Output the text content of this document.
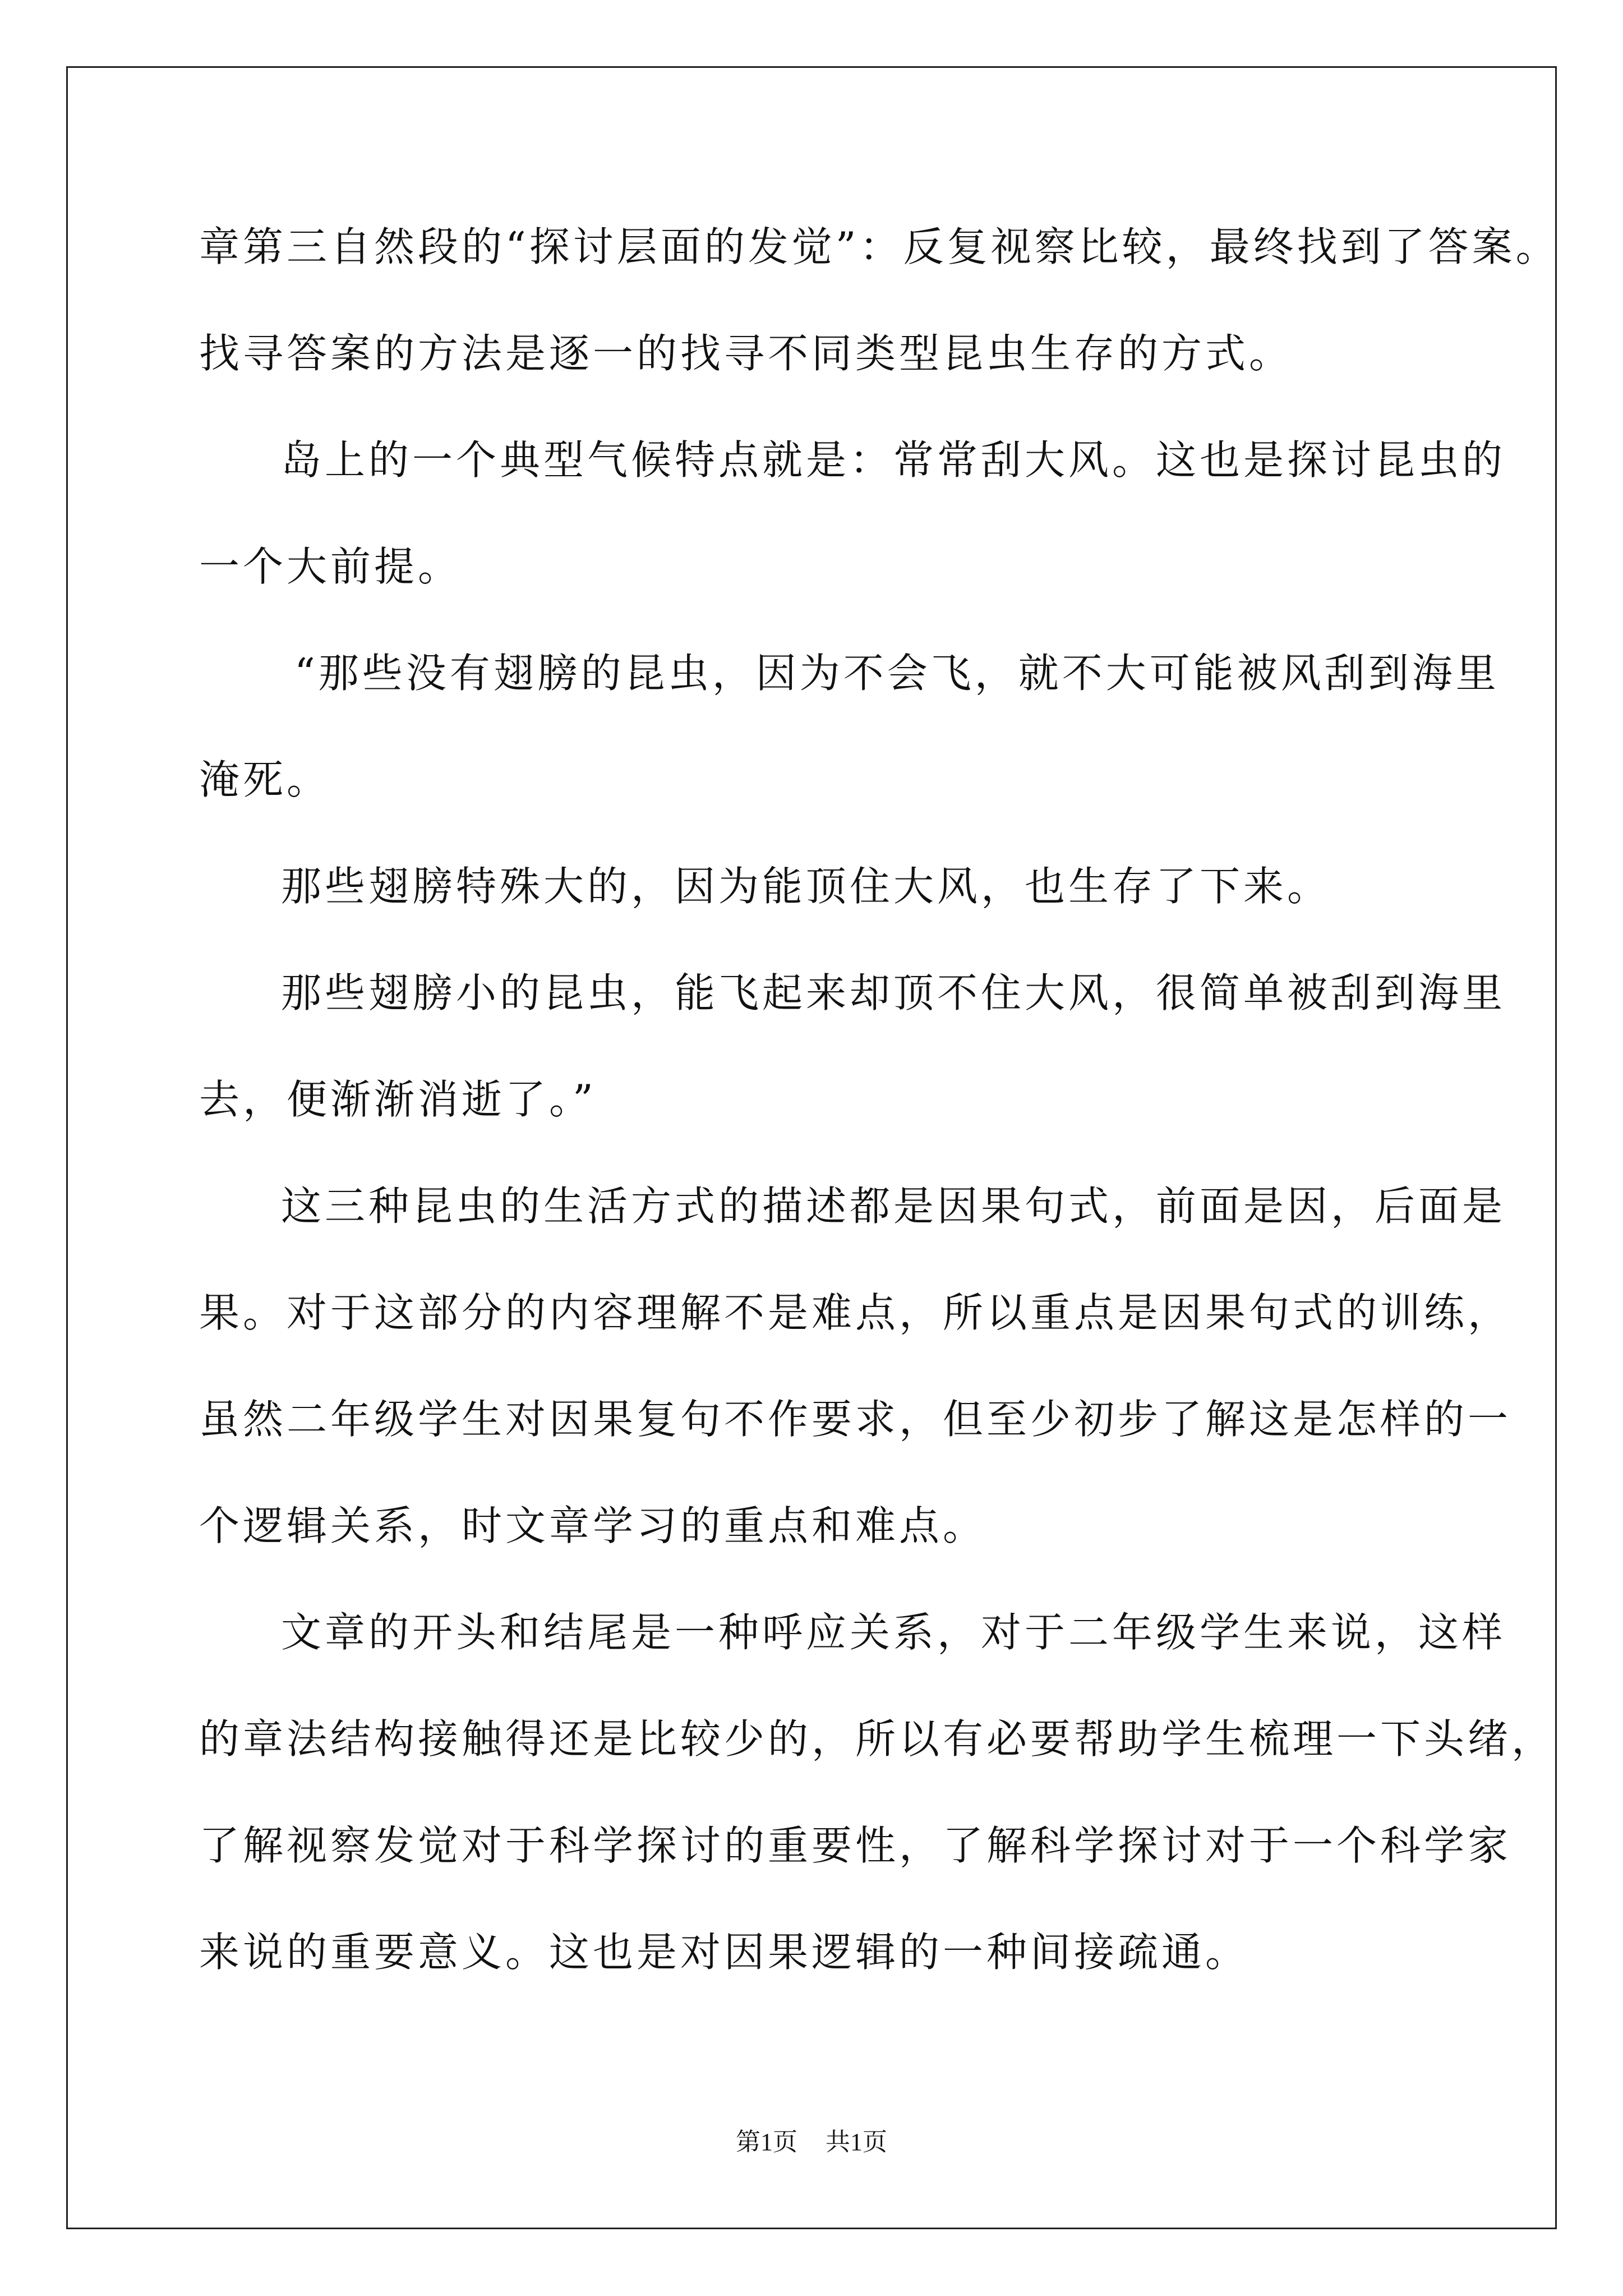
章第三自然段的“探讨层面的发觉”：反复视察比较，最终找到了答案。
找寻答案的方法是逐一的找寻不同类型昆虫生存的方式。
岛上的一个典型气候特点就是：常常刮大风。这也是探讨昆虫的
一个大前提。
“那些没有翅膀的昆虫，因为不会飞，就不大可能被风刮到海里
淹死。
那些翅膀特殊大的，因为能顶住大风，也生存了下来。
那些翅膀小的昆虫，能飞起来却顶不住大风，很简单被刮到海里
去，便渐渐消逝了。”
这三种昆虫的生活方式的描述都是因果句式，前面是因，后面是
果。对于这部分的内容理解不是难点，所以重点是因果句式的训练，
虽然二年级学生对因果复句不作要求，但至少初步了解这是怎样的一
个逻辑关系，时文章学习的重点和难点。
文章的开头和结尾是一种呼应关系，对于二年级学生来说，这样
的章法结构接触得还是比较少的，所以有必要帮助学生梳理一下头绪，
了解视察发觉对于科学探讨的重要性，了解科学探讨对于一个科学家
来说的重要意义。这也是对因果逻辑的一种间接疏通。
第1页 共1页
